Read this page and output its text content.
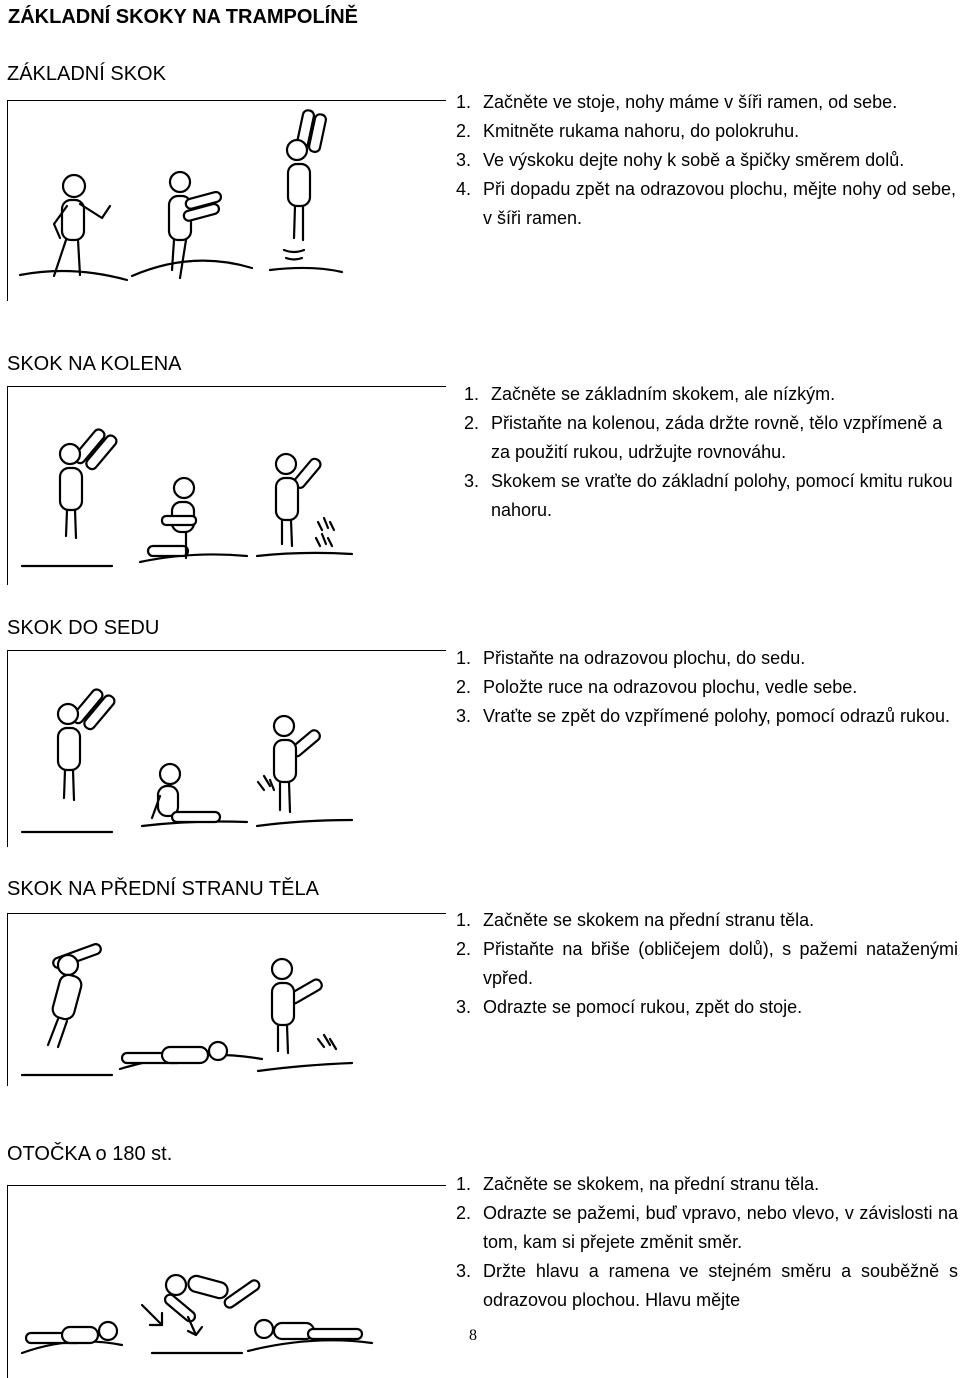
ZÁKLADNÍ SKOKY NA TRAMPOLÍNĚ
ZÁKLADNÍ SKOK
1. Začněte ve stoje, nohy máme v šíři ramen, od sebe.
2. Kmitněte rukama nahoru, do polokruhu.
3. Ve výskoku dejte nohy k sobě a špičky směrem dolů.
4. Při dopadu zpět na odrazovou plochu, mějte nohy od sebe, v šíři ramen.
SKOK NA KOLENA
1. Začněte se základním skokem, ale nízkým.
2. Přistaňte na kolenou, záda držte rovně, tělo vzpřímeně a za použití rukou, udržujte rovnováhu.
3. Skokem se vraťte do základní polohy, pomocí kmitu rukou nahoru.
SKOK DO SEDU
1. Přistaňte na odrazovou plochu, do sedu.
2. Položte ruce na odrazovou plochu, vedle sebe.
3. Vraťte se zpět do vzpřímené polohy, pomocí odrazů rukou.
SKOK NA PŘEDNÍ STRANU TĚLA
1. Začněte se skokem na přední stranu těla.
2. Přistaňte na břiše (obličejem dolů), s pažemi nataženými vpřed.
3. Odrazte se pomocí rukou, zpět do stoje.
OTOČKA o 180 st.
1. Začněte se skokem, na přední stranu těla.
2. Odrazte se pažemi, buď vpravo, nebo vlevo, v závislosti na tom, kam si přejete změnit směr.
3. Držte hlavu a ramena ve stejném směru a souběžně s odrazovou plochou. Hlavu mějte
8
